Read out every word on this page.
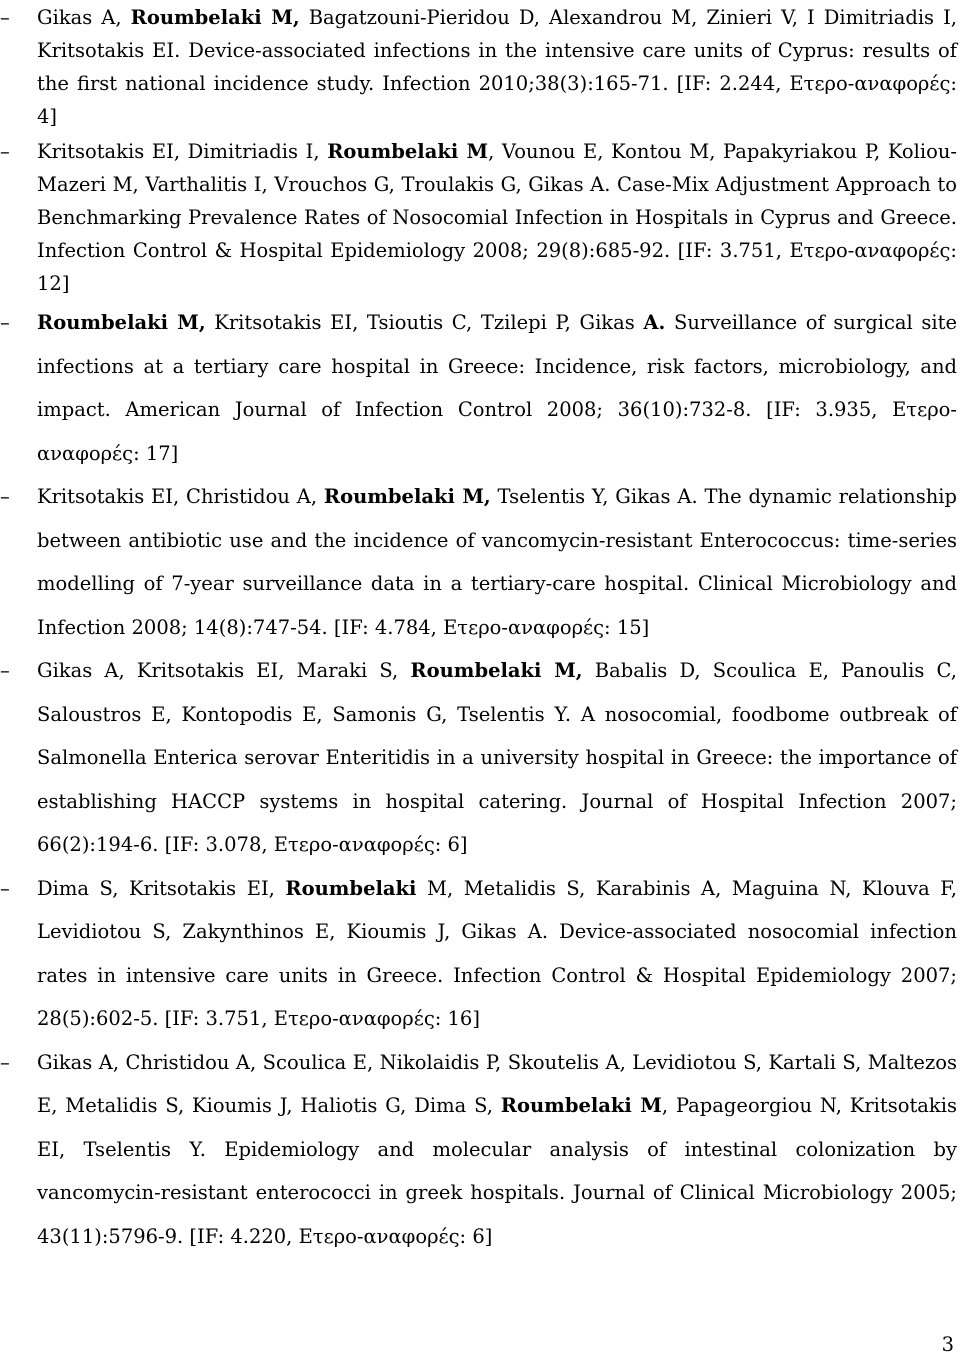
–	Gikas A, Roumbelaki M, Bagatzouni-Pieridou D, Alexandrou M, Zinieri V, I Dimitriadis I, Kritsotakis EI. Device-associated infections in the intensive care units of Cyprus: results of the first national incidence study. Infection 2010;38(3):165-71. [IF: 2.244, Ετερο-αναφορές: 4]
–	Kritsotakis EI, Dimitriadis I, Roumbelaki M, Vounou E, Kontou M, Papakyriakou P, Koliou-Mazeri M, Varthalitis I, Vrouchos G, Troulakis G, Gikas A. Case-Mix Adjustment Approach to Benchmarking Prevalence Rates of Nosocomial Infection in Hospitals in Cyprus and Greece. Infection Control & Hospital Epidemiology 2008; 29(8):685-92. [IF: 3.751, Ετερο-αναφορές: 12]
–	Roumbelaki M, Kritsotakis EI, Tsioutis C, Tzilepi P, Gikas A. Surveillance of surgical site infections at a tertiary care hospital in Greece: Incidence, risk factors, microbiology, and impact. American Journal of Infection Control 2008; 36(10):732-8. [IF: 3.935, Ετερο-αναφορές: 17]
–	Kritsotakis EI, Christidou A, Roumbelaki M, Tselentis Y, Gikas A. The dynamic relationship between antibiotic use and the incidence of vancomycin-resistant Enterococcus: time-series modelling of 7-year surveillance data in a tertiary-care hospital. Clinical Microbiology and Infection 2008; 14(8):747-54. [IF: 4.784, Ετερο-αναφορές: 15]
–	Gikas A, Kritsotakis EI, Maraki S, Roumbelaki M, Babalis D, Scoulica E, Panoulis C, Saloustros E, Kontopodis E, Samonis G, Tselentis Y. A nosocomial, foodbome outbreak of Salmonella Enterica serovar Enteritidis in a university hospital in Greece: the importance of establishing HACCP systems in hospital catering. Journal of Hospital Infection 2007; 66(2):194-6. [IF: 3.078, Ετερο-αναφορές: 6]
–	Dima S, Kritsotakis EI, Roumbelaki M, Metalidis S, Karabinis A, Maguina N, Klouva F, Levidiotou S, Zakynthinos E, Kioumis J, Gikas A. Device-associated nosocomial infection rates in intensive care units in Greece. Infection Control & Hospital Epidemiology 2007; 28(5):602-5. [IF: 3.751, Ετερο-αναφορές: 16]
–	Gikas A, Christidou A, Scoulica E, Nikolaidis P, Skoutelis A, Levidiotou S, Kartali S, Maltezos E, Metalidis S, Kioumis J, Haliotis G, Dima S, Roumbelaki M, Papageorgiou N, Kritsotakis EI, Tselentis Y. Epidemiology and molecular analysis of intestinal colonization by vancomycin-resistant enterococci in greek hospitals. Journal of Clinical Microbiology 2005; 43(11):5796-9. [IF: 4.220, Ετερο-αναφορές: 6]
3
